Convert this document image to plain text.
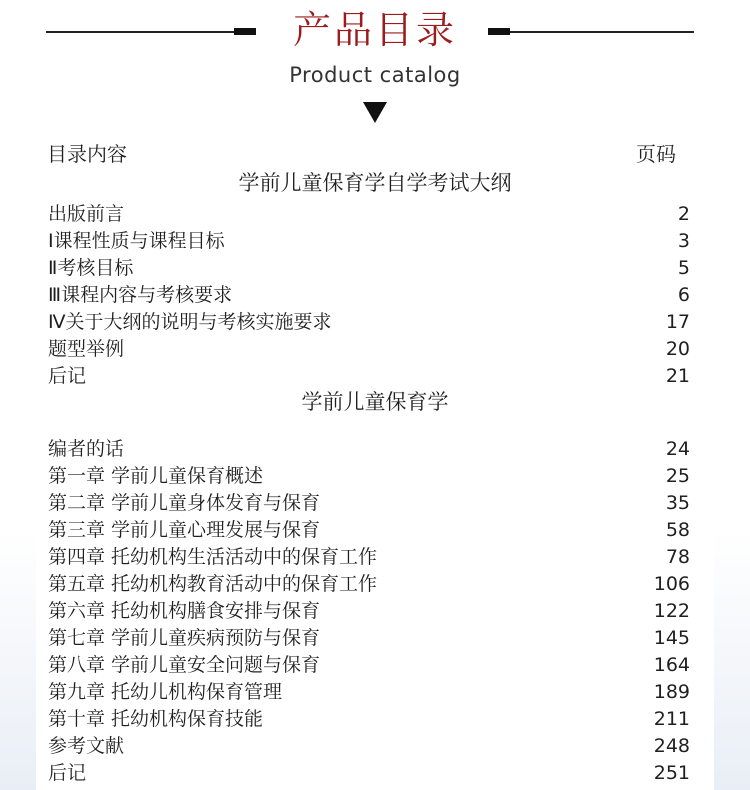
产品目录
Product catalog
目录内容	页码
学前儿童保育学自学考试大纲
出版前言	2
Ⅰ课程性质与课程目标	3
Ⅱ考核目标	5
Ⅲ课程内容与考核要求	6
Ⅳ关于大纲的说明与考核实施要求	17
题型举例	20
后记	21
学前儿童保育学
编者的话	24
第一章 学前儿童保育概述	25
第二章 学前儿童身体发育与保育	35
第三章 学前儿童心理发展与保育	58
第四章 托幼机构生活活动中的保育工作	78
第五章 托幼机构教育活动中的保育工作	106
第六章 托幼机构膳食安排与保育	122
第七章 学前儿童疾病预防与保育	145
第八章 学前儿童安全问题与保育	164
第九章 托幼儿机构保育管理	189
第十章 托幼机构保育技能	211
参考文献	248
后记	251
